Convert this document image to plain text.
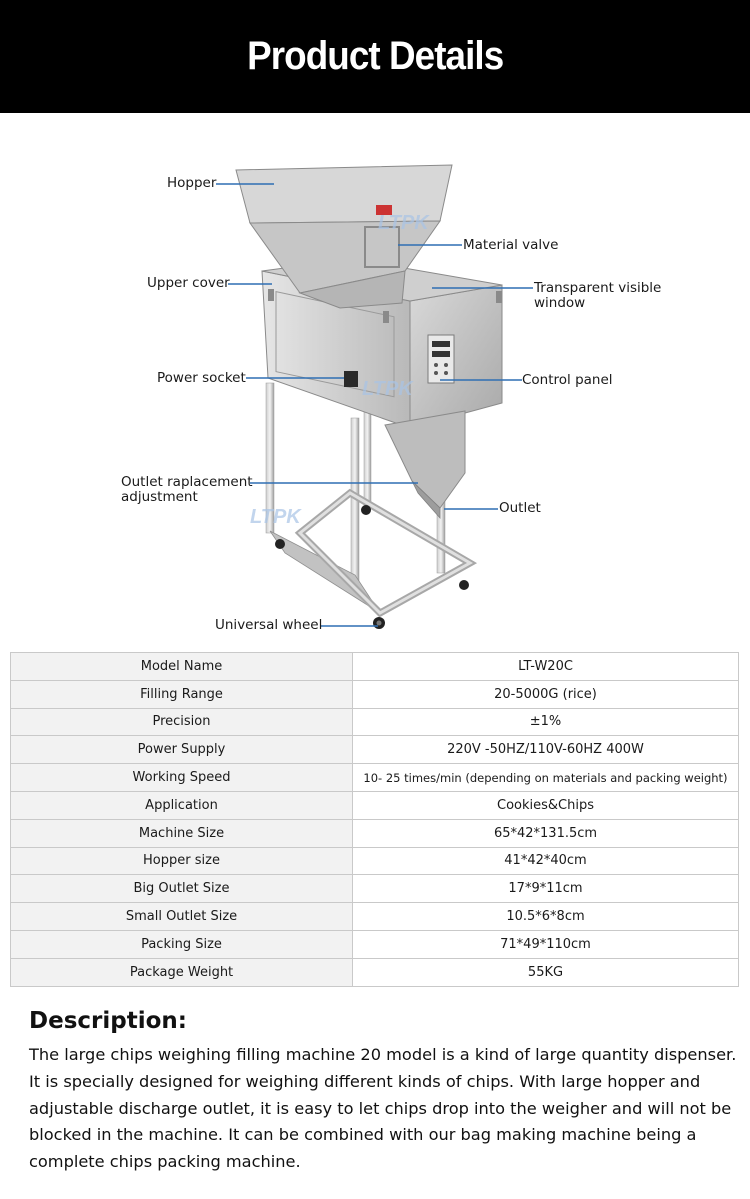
Product Details
LTPK
LTPK
LTPK
Hopper
Material valve
Upper cover	Transparent visible window
Power socket	Control panel
Outlet raplacement adjustment
Outlet
Universal wheel
Model Name	LT-W20C
Filling Range	20-5000G (rice)
Precision	±1%
Power Supply	220V -50HZ/110V-60HZ 400W
Working Speed	10- 25 times/min (depending on materials and packing weight)
Application	Cookies&Chips
Machine Size	65*42*131.5cm
Hopper size	41*42*40cm
Big Outlet Size	17*9*11cm
Small Outlet Size	10.5*6*8cm
Packing Size	71*49*110cm
Package Weight	55KG
Description:
The large chips weighing filling machine 20 model is a kind of large quantity dispenser. It is specially designed for weighing different kinds of chips. With large hopper and adjustable discharge outlet, it is easy to let chips drop into the weigher and will not be blocked in the machine. It can be combined with our bag making machine being a complete chips packing machine.
